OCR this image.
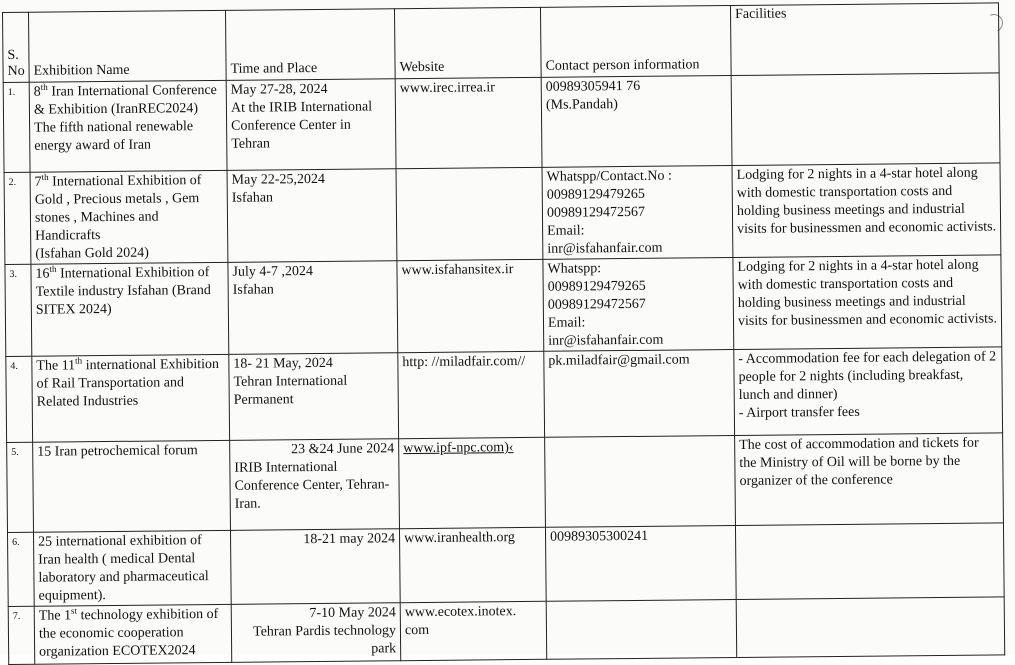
S. No	Exhibition Name	Time and Place	Website	Contact person information	Facilities
1.	8th Iran International Conference & Exhibition (IranREC2024) The fifth national renewable energy award of Iran	May 27-28, 2024
At the IRIB International Conference Center in Tehran	www.irec.irrea.ir	00989305941 76
(Ms.Pandah)	
2.	7th International Exhibition of Gold , Precious metals , Gem stones , Machines and Handicrafts
(Isfahan Gold 2024)	May 22-25,2024
Isfahan		Whatspp/Contact.No :
00989129479265
00989129472567
Email:
inr@isfahanfair.com	Lodging for 2 nights in a 4-star hotel along with domestic transportation costs and holding business meetings and industrial visits for businessmen and economic activists.
3.	16th International Exhibition of Textile industry Isfahan (Brand SITEX 2024)	July 4-7 ,2024
Isfahan	www.isfahansitex.ir	Whatspp:
00989129479265
00989129472567
Email:
inr@isfahanfair.com	Lodging for 2 nights in a 4-star hotel along with domestic transportation costs and holding business meetings and industrial visits for businessmen and economic activists.
4.	The 11th international Exhibition of Rail Transportation and Related Industries	18- 21 May, 2024
Tehran International Permanent	http: //miladfair.com//	pk.miladfair@gmail.com	- Accommodation fee for each delegation of 2 people for 2 nights (including breakfast, lunch and dinner)
- Airport transfer fees
5.	15 Iran petrochemical forum	23 &24 June 2024
IRIB International Conference Center, Tehran-Iran.	www.ipf-npc.com)‹		The cost of accommodation and tickets for the Ministry of Oil will be borne by the organizer of the conference
6.	25 international exhibition of Iran health ( medical Dental laboratory and pharmaceutical equipment).	18-21 may 2024	www.iranhealth.org	00989305300241	
7.	The 1st technology exhibition of the economic cooperation organization ECOTEX2024	7-10 May 2024
Tehran Pardis technology park	www.ecotex.inotex. com		
